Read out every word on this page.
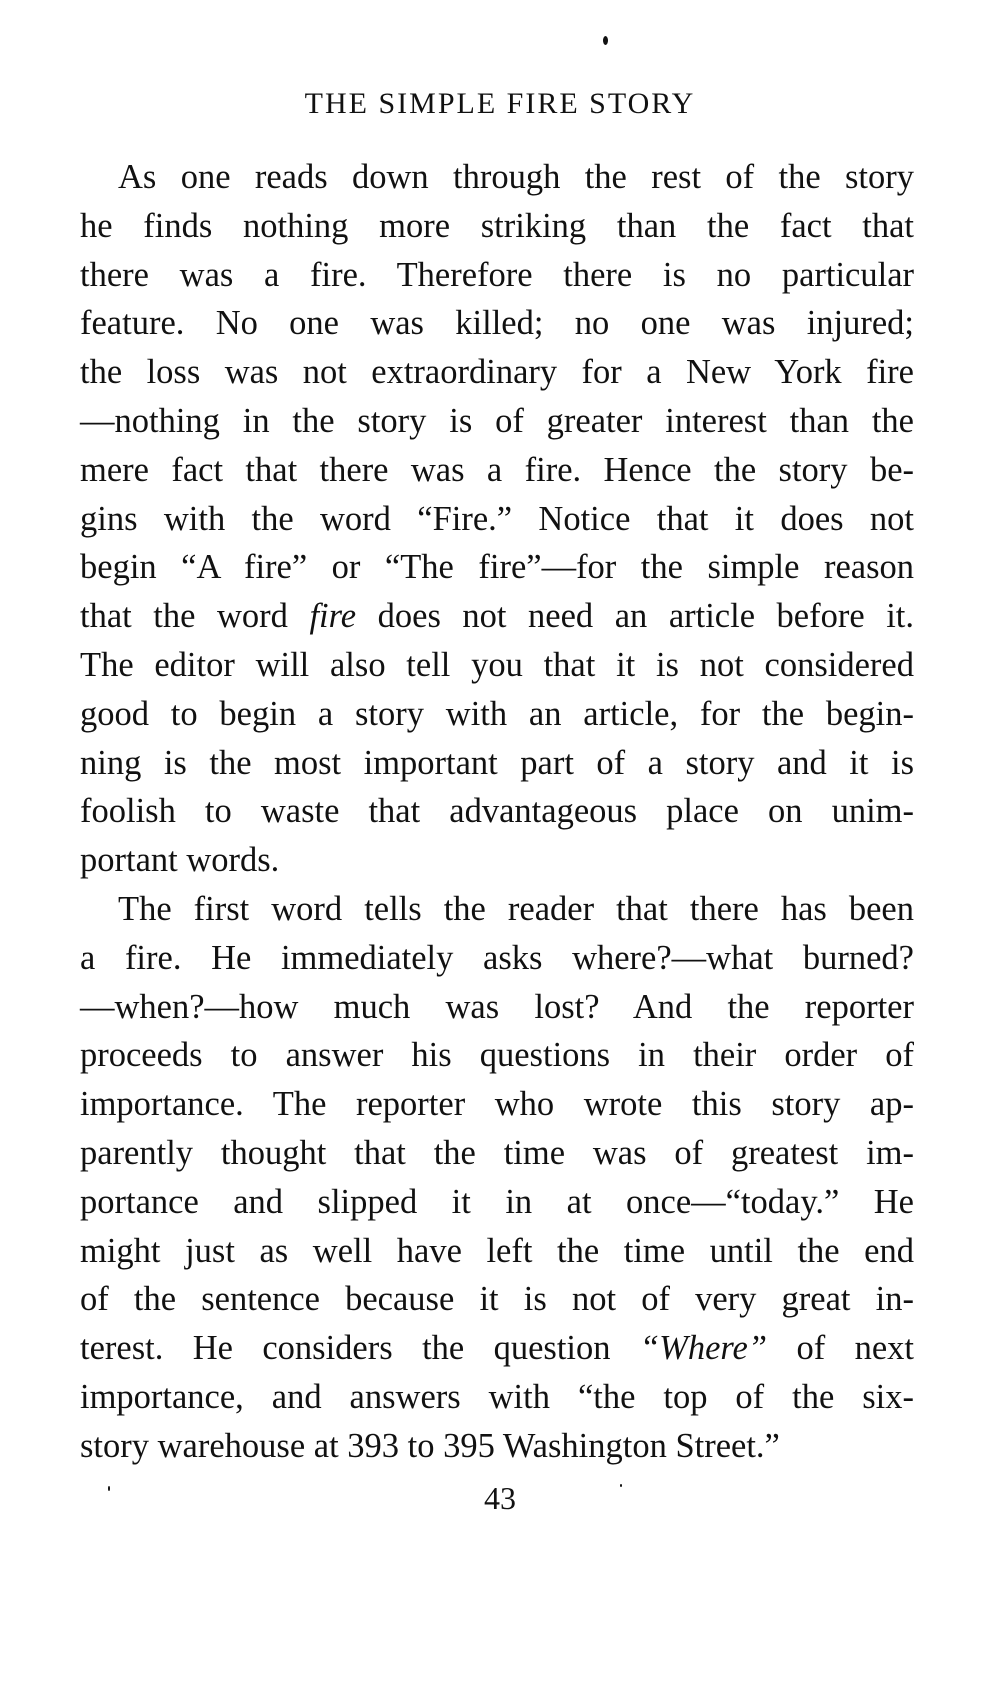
THE SIMPLE FIRE STORY
As one reads down through the rest of the story
he finds nothing more striking than the fact that
there was a fire. Therefore there is no particular
feature. No one was killed; no one was injured;
the loss was not extraordinary for a New York fire
—nothing in the story is of greater interest than the
mere fact that there was a fire. Hence the story be-
gins with the word “Fire.” Notice that it does not
begin “A fire” or “The fire”—for the simple reason
that the word fire does not need an article before it.
The editor will also tell you that it is not considered
good to begin a story with an article, for the begin-
ning is the most important part of a story and it is
foolish to waste that advantageous place on unim-
portant words.
The first word tells the reader that there has been
a fire. He immediately asks where?—what burned?
—when?—how much was lost? And the reporter
proceeds to answer his questions in their order of
importance. The reporter who wrote this story ap-
parently thought that the time was of greatest im-
portance and slipped it in at once—“today.” He
might just as well have left the time until the end
of the sentence because it is not of very great in-
terest. He considers the question “Where” of next
importance, and answers with “the top of the six-
story warehouse at 393 to 395 Washington Street.”
43
